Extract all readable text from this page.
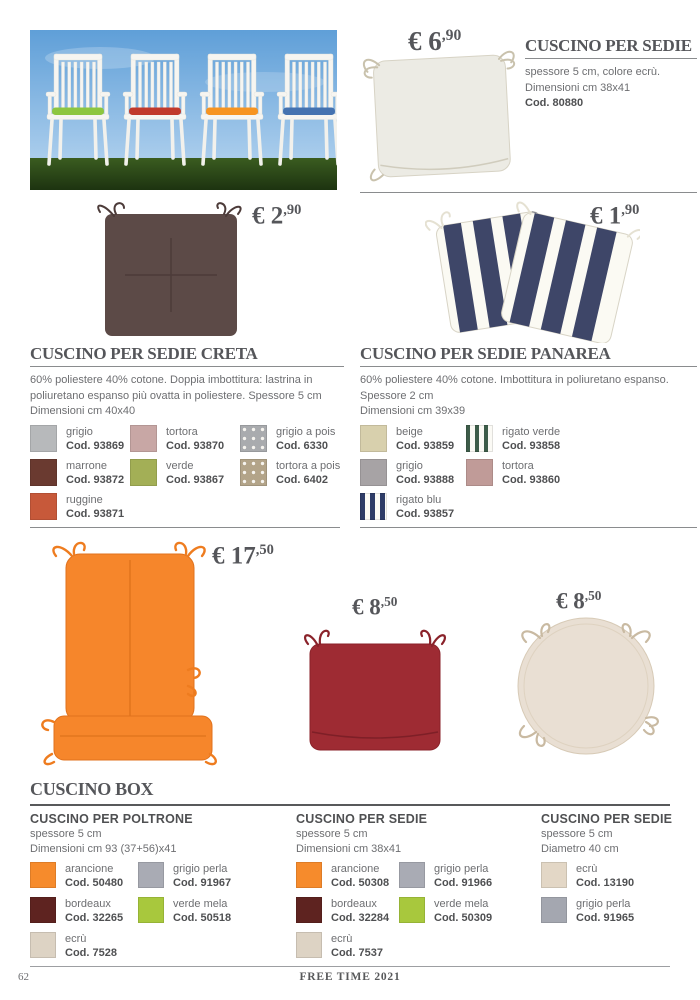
€ $6^{,90}$
CUSCINO PER SEDIE
spessore 5 cm, colore ecrù.
Dimensioni cm 38x41
Cod. 80880
€ $2^{,90}$
CUSCINO PER SEDIE CRETA
60% poliestere 40% cotone. Doppia imbottitura: lastrina in poliuretano espanso più ovatta in poliestere. Spessore 5 cm
Dimensioni cm 40x40
grigio
Cod. 93869
tortora
Cod. 93870
grigio a pois
Cod. 6330
marrone
Cod. 93872
verde
Cod. 93867
tortora a pois
Cod. 6402
ruggine
Cod. 93871
€ $1^{,90}$
CUSCINO PER SEDIE PANAREA
60% poliestere 40% cotone. Imbottitura in poliuretano espanso.
Spessore 2 cm
Dimensioni cm 39x39
beige
Cod. 93859
rigato verde
Cod. 93858
grigio
Cod. 93888
tortora
Cod. 93860
rigato blu
Cod. 93857
€ $17^{,50}$
€ $8^{,50}$	€ $8^{,50}$
CUSCINO BOX
CUSCINO PER POLTRONE
spessore 5 cm
Dimensioni cm 93 (37+56)x41
arancione
Cod. 50480
grigio perla
Cod. 91967
bordeaux
Cod. 32265
verde mela
Cod. 50518
ecrù
Cod. 7528
CUSCINO PER SEDIE
spessore 5 cm
Dimensioni cm 38x41
arancione
Cod. 50308
grigio perla
Cod. 91966
bordeaux
Cod. 32284
verde mela
Cod. 50309
ecrù
Cod. 7537
CUSCINO PER SEDIE
spessore 5 cm
Diametro 40 cm
ecrù
Cod. 13190
grigio perla
Cod. 91965
62	FREE TIME 2021
